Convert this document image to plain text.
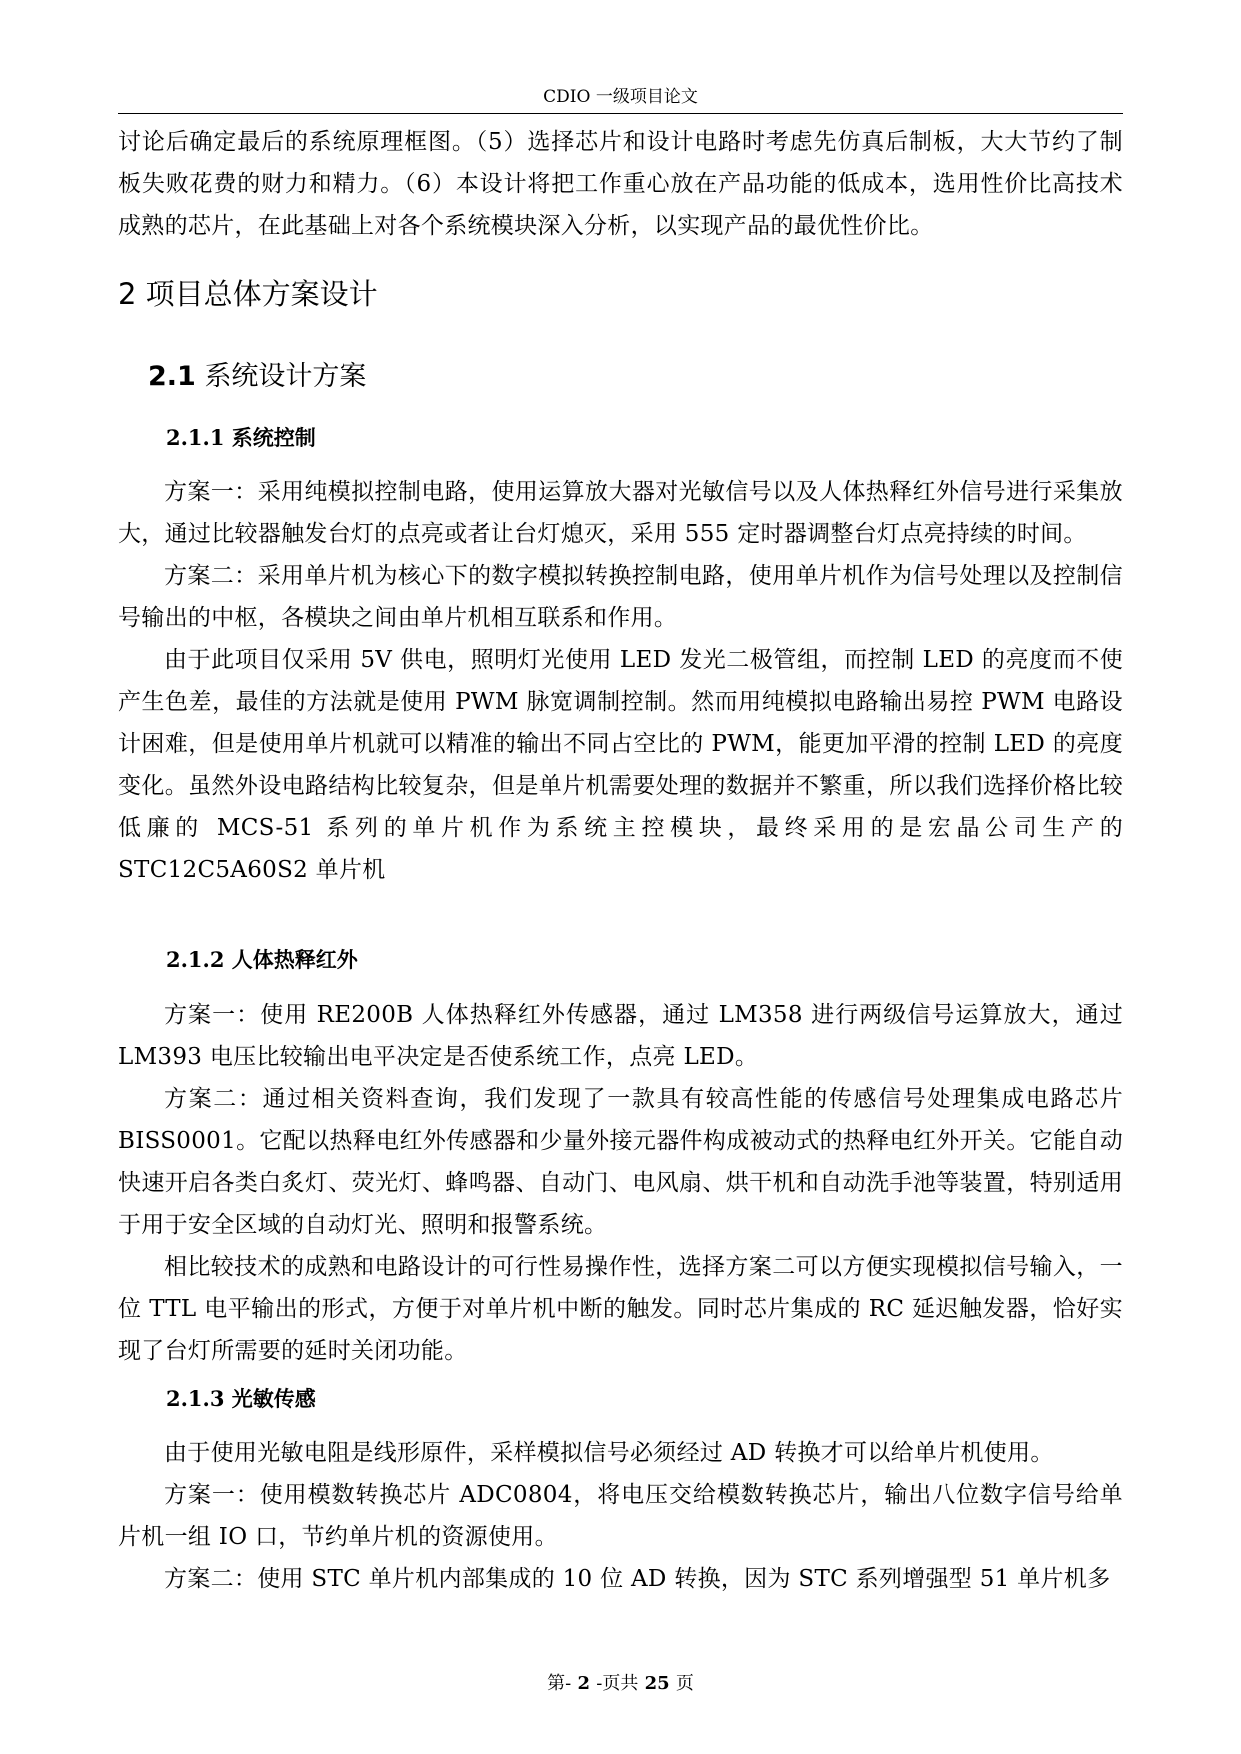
CDIO 一级项目论文

讨论后确定最后的系统原理框图。（5）选择芯片和设计电路时考虑先仿真后制板，大大节约了制板失败花费的财力和精力。（6）本设计将把工作重心放在产品功能的低成本，选用性价比高技术成熟的芯片，在此基础上对各个系统模块深入分析，以实现产品的最优性价比。

2 项目总体方案设计
2.1 系统设计方案
2.1.1 系统控制

方案一：采用纯模拟控制电路，使用运算放大器对光敏信号以及人体热释红外信号进行采集放大，通过比较器触发台灯的点亮或者让台灯熄灭，采用 555 定时器调整台灯点亮持续的时间。

方案二：采用单片机为核心下的数字模拟转换控制电路，使用单片机作为信号处理以及控制信号输出的中枢，各模块之间由单片机相互联系和作用。

由于此项目仅采用 5V 供电，照明灯光使用 LED 发光二极管组，而控制 LED 的亮度而不使产生色差，最佳的方法就是使用 PWM 脉宽调制控制。然而用纯模拟电路输出易控 PWM 电路设计困难，但是使用单片机就可以精准的输出不同占空比的 PWM，能更加平滑的控制 LED 的亮度变化。虽然外设电路结构比较复杂，但是单片机需要处理的数据并不繁重，所以我们选择价格比较低廉的 MCS-51 系列的单片机作为系统主控模块，最终采用的是宏晶公司生产的 STC12C5A60S2 单片机

2.1.2 人体热释红外

方案一：使用 RE200B 人体热释红外传感器，通过 LM358 进行两级信号运算放大，通过 LM393 电压比较输出电平决定是否使系统工作，点亮 LED。

方案二：通过相关资料查询，我们发现了一款具有较高性能的传感信号处理集成电路芯片 BISS0001。它配以热释电红外传感器和少量外接元器件构成被动式的热释电红外开关。它能自动快速开启各类白炙灯、荧光灯、蜂鸣器、自动门、电风扇、烘干机和自动洗手池等装置，特别适用于用于安全区域的自动灯光、照明和报警系统。

相比较技术的成熟和电路设计的可行性易操作性，选择方案二可以方便实现模拟信号输入，一位 TTL 电平输出的形式，方便于对单片机中断的触发。同时芯片集成的 RC 延迟触发器，恰好实现了台灯所需要的延时关闭功能。

2.1.3 光敏传感

由于使用光敏电阻是线形原件，采样模拟信号必须经过 AD 转换才可以给单片机使用。

方案一：使用模数转换芯片 ADC0804，将电压交给模数转换芯片，输出八位数字信号给单片机一组 IO 口，节约单片机的资源使用。

方案二：使用 STC 单片机内部集成的 10 位 AD 转换，因为 STC 系列增强型 51 单片机多

第- 2 -页共 25 页
